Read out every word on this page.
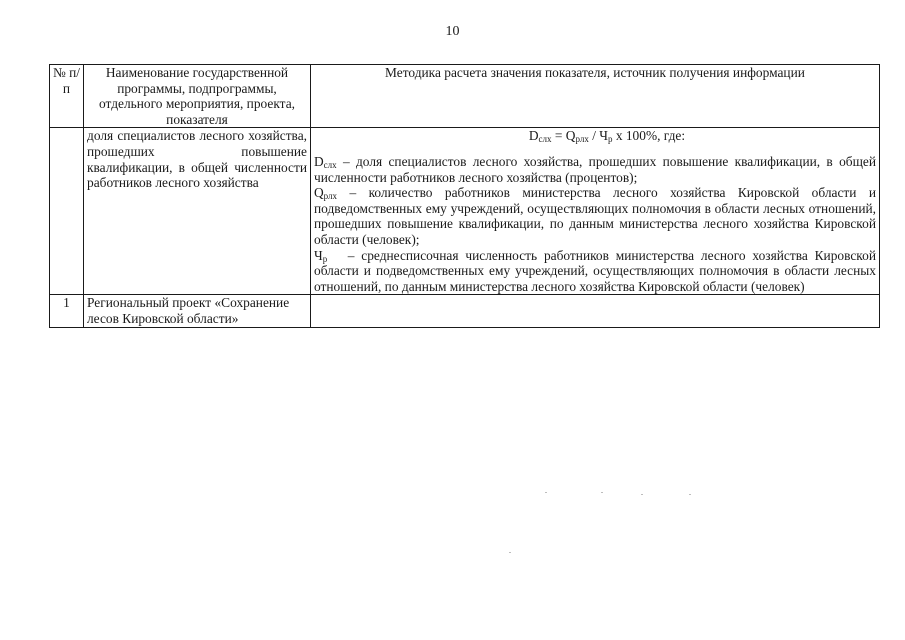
10
№ п/п	Наименование государственной программы, подпрограммы, отдельного мероприятия, проекта, показателя	Методика расчета значения показателя, источник получения информации
	доля специалистов лесного хозяйства, прошедших повышение квалификации, в общей численности работников лесного хозяйства	$D_{слх} = Q_{рлх} / Ч_р$ x 100%, где:

$D_{слх}$ – доля специалистов лесного хозяйства, прошедших повышение квалификации, в общей численности работников лесного хозяйства (процентов);

$Q_{рлх}$ – количество работников министерства лесного хозяйства Кировской области и подведомственных ему учреждений, осуществляющих полномочия в области лесных отношений, прошедших повышение квалификации, по данным министерства лесного хозяйства Кировской области (человек);

$Ч_р$   – среднесписочная численность работников министерства лесного хозяйства Кировской области и подведомственных ему учреждений, осуществляющих полномочия в области лесных отношений, по данным министерства лесного хозяйства Кировской области (человек)

1	Региональный проект «Сохранение лесов Кировской области»	
